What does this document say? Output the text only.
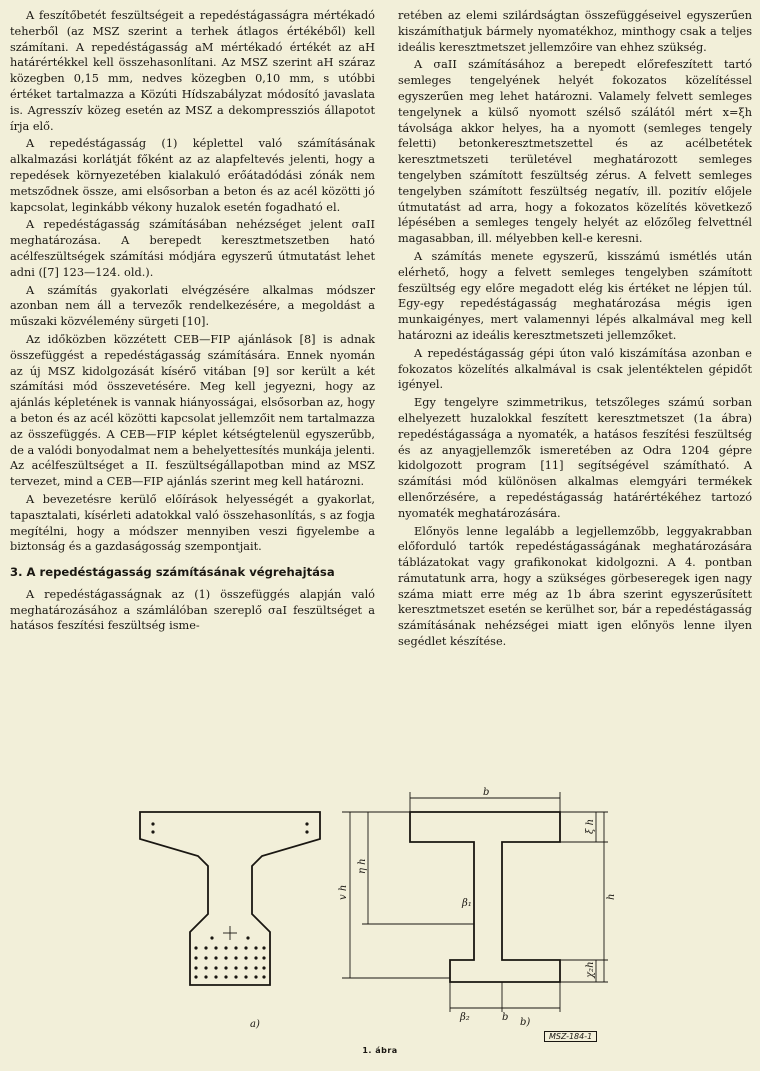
A feszítőbetét feszültségeit a repedéstágasságra mértékadó teherből (az MSZ szerint a terhek átlagos értékéből) kell számítani. A repedéstágasság aM mértékadó értékét az aH határértékkel kell összehasonlítani. Az MSZ szerint aH száraz közegben 0,15 mm, nedves közegben 0,10 mm, s utóbbi értéket tartalmazza a Közúti Hídszabályzat módosító javaslata is. Agresszív közeg esetén az MSZ a dekompressziós állapotot írja elő.

A repedéstágasság (1) képlettel való számításának alkalmazási korlátját főként az az alapfeltevés jelenti, hogy a repedések környezetében kialakuló erőátadódási zónák nem metsződnek össze, ami elsősorban a beton és az acél közötti jó kapcsolat, leginkább vékony huzalok esetén fogadható el.

A repedéstágasság számításában nehézséget jelent σaII meghatározása. A berepedt keresztmetszetben ható acélfeszültségek számítási módjára egyszerű útmutatást lehet adni ([7] 123—124. old.).

A számítás gyakorlati elvégzésére alkalmas módszer azonban nem áll a tervezők rendelkezésére, a megoldást a műszaki közvélemény sürgeti [10].

Az időközben közzétett CEB—FIP ajánlások [8] is adnak összefüggést a repedéstágasság számítására. Ennek nyomán az új MSZ kidolgozását kísérő vitában [9] sor került a két számítási mód összevetésére. Meg kell jegyezni, hogy az ajánlás képletének is vannak hiányosságai, elsősorban az, hogy a beton és az acél közötti kapcsolat jellemzőit nem tartalmazza az összefüggés. A CEB—FIP képlet kétségtelenül egyszerűbb, de a valódi bonyodalmat nem a behelyettesítés munkája jelenti. Az acélfeszültséget a II. feszültségállapotban mind az MSZ tervezet, mind a CEB—FIP ajánlás szerint meg kell határozni.

A bevezetésre kerülő előírások helyességét a gyakorlat, tapasztalati, kísérleti adatokkal való összehasonlítás, s az fogja megítélni, hogy a módszer mennyiben veszi figyelembe a biztonság és a gazdaságosság szempontjait.

3. A repedéstágasság számításának végrehajtása

A repedéstágasságnak az (1) összefüggés alapján való meghatározásához a számlálóban szereplő σaI feszültséget a hatásos feszítési feszültség isme-

retében az elemi szilárdságtan összefüggéseivel egyszerűen kiszámíthatjuk bármely nyomatékhoz, minthogy csak a teljes ideális keresztmetszet jellemzőire van ehhez szükség.

A σaII számításához a berepedt előrefeszített tartó semleges tengelyének helyét fokozatos közelítéssel egyszerűen meg lehet határozni. Valamely felvett semleges tengelynek a külső nyomott szélső szálától mért x=ξh távolsága akkor helyes, ha a nyomott (semleges tengely feletti) betonkeresztmetszettel és az acélbetétek keresztmetszeti területével meghatározott semleges tengelyben számított feszültség zérus. A felvett semleges tengelyben számított feszültség negatív, ill. pozitív előjele útmutatást ad arra, hogy a fokozatos közelítés következő lépésében a semleges tengely helyét az előzőleg felvettnél magasabban, ill. mélyebben kell-e keresni.

A számítás menete egyszerű, kisszámú ismétlés után elérhető, hogy a felvett semleges tengelyben számított feszültség egy előre megadott elég kis értéket ne lépjen túl. Egy-egy repedéstágasság meghatározása mégis igen munkaigényes, mert valamennyi lépés alkalmával meg kell határozni az ideális keresztmetszeti jellemzőket.

A repedéstágasság gépi úton való kiszámítása azonban e fokozatos közelítés alkalmával is csak jelentéktelen gépidőt igényel.

Egy tengelyre szimmetrikus, tetszőleges számú sorban elhelyezett huzalokkal feszített keresztmetszet (1a ábra) repedéstágassága a nyomaték, a hatásos feszítési feszültség és az anyagjellemzők ismeretében az Odra 1204 gépre kidolgozott program [11] segítségével számítható. A számítási mód különösen alkalmas elemgyári termékek ellenőrzésére, a repedéstágasság határértékéhez tartozó nyomaték meghatározására.

Előnyös lenne legalább a legjellemzőbb, leggyakrabban előforduló tartók repedéstágasságának meghatározására táblázatokat vagy grafikonokat kidolgozni. A 4. pontban rámutatunk arra, hogy a szükséges görbeseregek igen nagy száma miatt erre még az 1b ábra szerint egyszerűsített keresztmetszet esetén se kerülhet sor, bár a repedéstágasság számításának nehézségei miatt igen előnyös lenne ilyen segédlet készítése.

a)
b
b
β₂
β₁
v h
η h
h
ξ h
χ₂h
b)
MSZ-184-1
1. ábra
